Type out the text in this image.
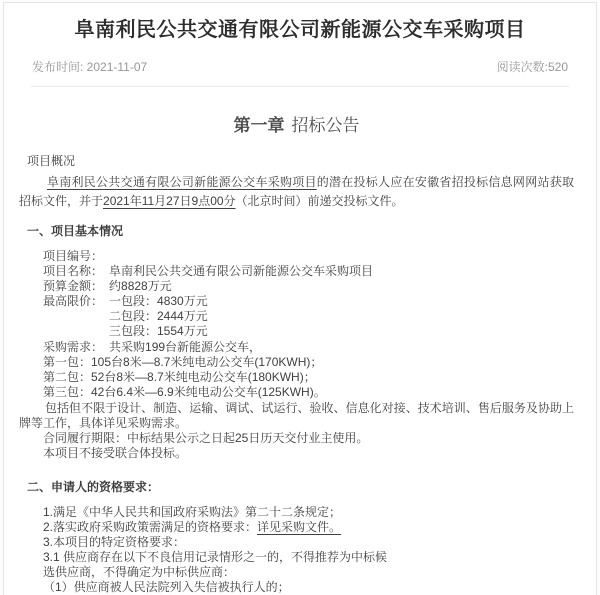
阜南利民公共交通有限公司新能源公交车采购项目
发布时间: 2021-11-07	阅读次数:520
第一章 招标公告
项目概况

阜南利民公共交通有限公司新能源公交车采购项目的潜在投标人应在安徽省招投标信息网网站获取招标文件，并于2021年11月27日9点00分（北京时间）前递交投标文件。

一、项目基本情况

项目编号：

项目名称： 阜南利民公共交通有限公司新能源公交车采购项目

预算金额： 约8828万元

最高限价： 一包段：4830万元

二包段：2444万元

三包段：1554万元

采购需求： 共采购199台新能源公交车，

第一包：105台8米—8.7米纯电动公交车(170KWH)；

第二包：52台8米—8.7米纯电动公交车(180KWH)；

第三包：42台6.4米—6.9米纯电动公交车(125KWH)。

包括但不限于设计、制造、运输、调试、试运行、验收、信息化对接、技术培训、售后服务及协助上牌等工作，具体详见采购需求。

合同履行期限：中标结果公示之日起25日历天交付业主使用。

本项目不接受联合体投标。

二、申请人的资格要求：

1.满足《中华人民共和国政府采购法》第二十二条规定；

2.落实政府采购政策需满足的资格要求：详见采购文件。

3.本项目的特定资格要求：

3.1 供应商存在以下不良信用记录情形之一的，不得推荐为中标候

选供应商，不得确定为中标供应商：

（1）供应商被人民法院列入失信被执行人的；
